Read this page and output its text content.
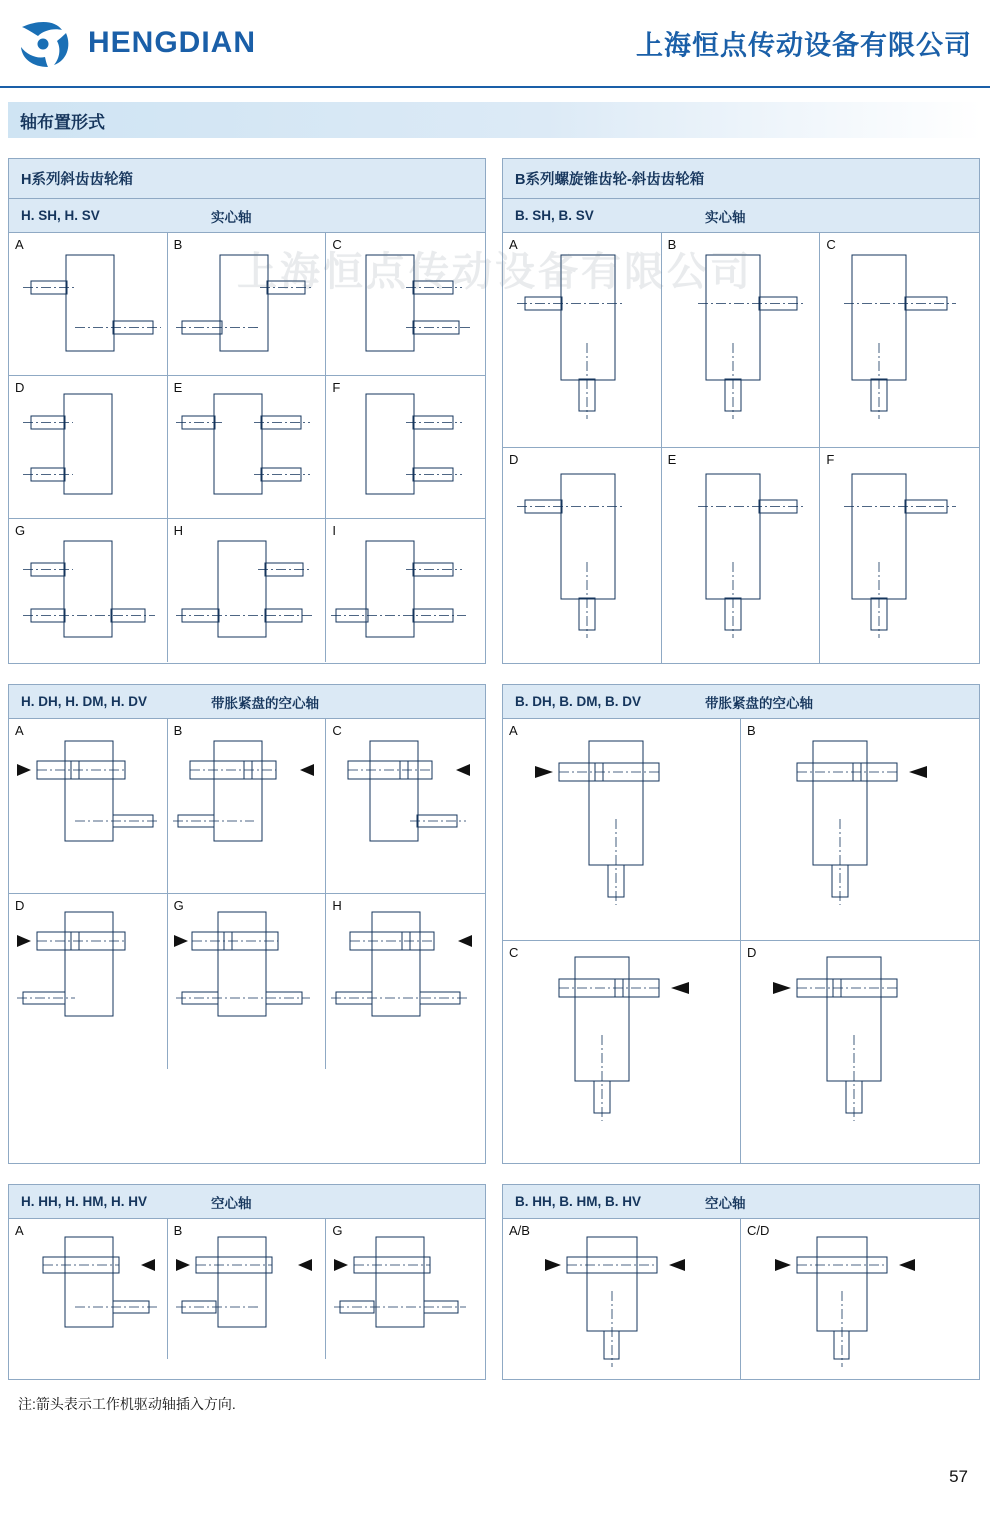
HENGDIAN	上海恒点传动设备有限公司
轴布置形式
上海恒点传动设备有限公司
H系列斜齿齿轮箱
H. SH, H. SV	实心轴
A	B	C
D	E	F
G	H	I
B系列螺旋锥齿轮-斜齿齿轮箱
B. SH, B. SV	实心轴
A	B	C
D	E	F
H. DH, H. DM, H. DV	带胀紧盘的空心轴
A	B	C
D	G	H
B. DH, B. DM, B. DV	带胀紧盘的空心轴
A	B
C	D
H. HH, H. HM, H. HV	空心轴
A	B	G
B. HH, B. HM, B. HV	空心轴
A/B	C/D
注:箭头表示工作机驱动轴插入方向.
57
